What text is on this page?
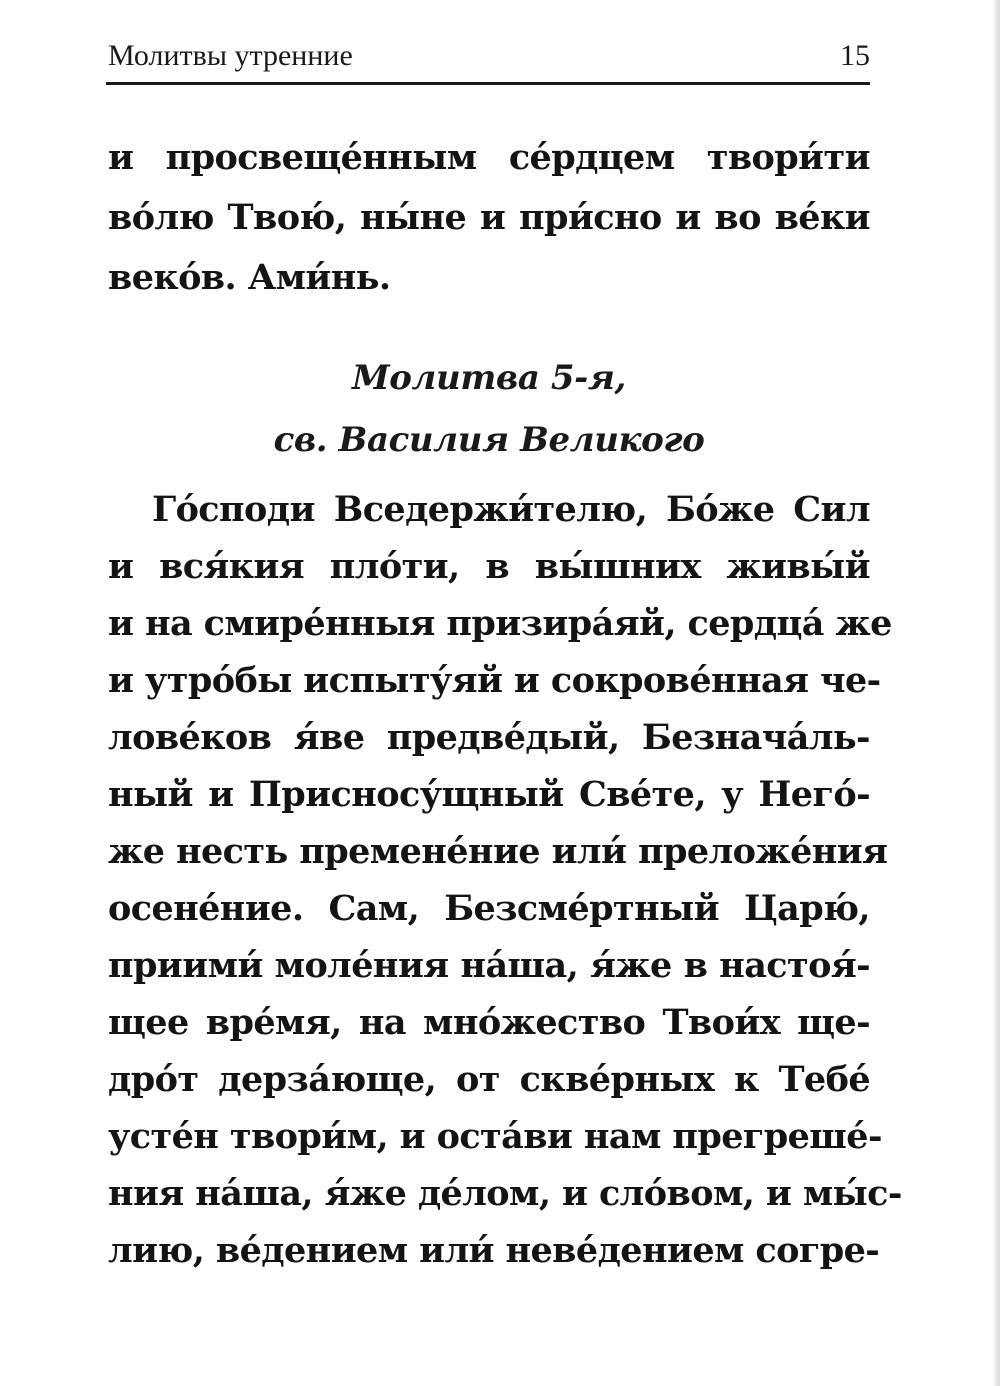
Молитвы утренние	15
и просвеще́нным се́рдцем твори́ти
во́лю Твою́, ны́не и при́сно и во ве́ки
веко́в. Ами́нь.
Молитва 5-я,
св. Василия Великого
Го́споди Вседержи́телю, Бо́же Сил
и вся́кия пло́ти, в вы́шних живы́й
и на смире́нныя призира́яй, сердца́ же
и утро́бы испыту́яй и сокрове́нная че-
лове́ков я́ве предве́дый, Безнача́ль-
ный и Присносу́щный Све́те, у Него́-
же несть премене́ние или́ преложе́ния
осене́ние. Сам, Безсме́ртный Царю́,
приими́ моле́ния на́ша, я́же в настоя́-
щее вре́мя, на мно́жество Твои́х ще-
дро́т дерза́юще, от скве́рных к Тебе́
усте́н твори́м, и оста́ви нам прегреше́-
ния на́ша, я́же де́лом, и сло́вом, и мы́с-
лию, ве́дением или́ неве́дением согре-
